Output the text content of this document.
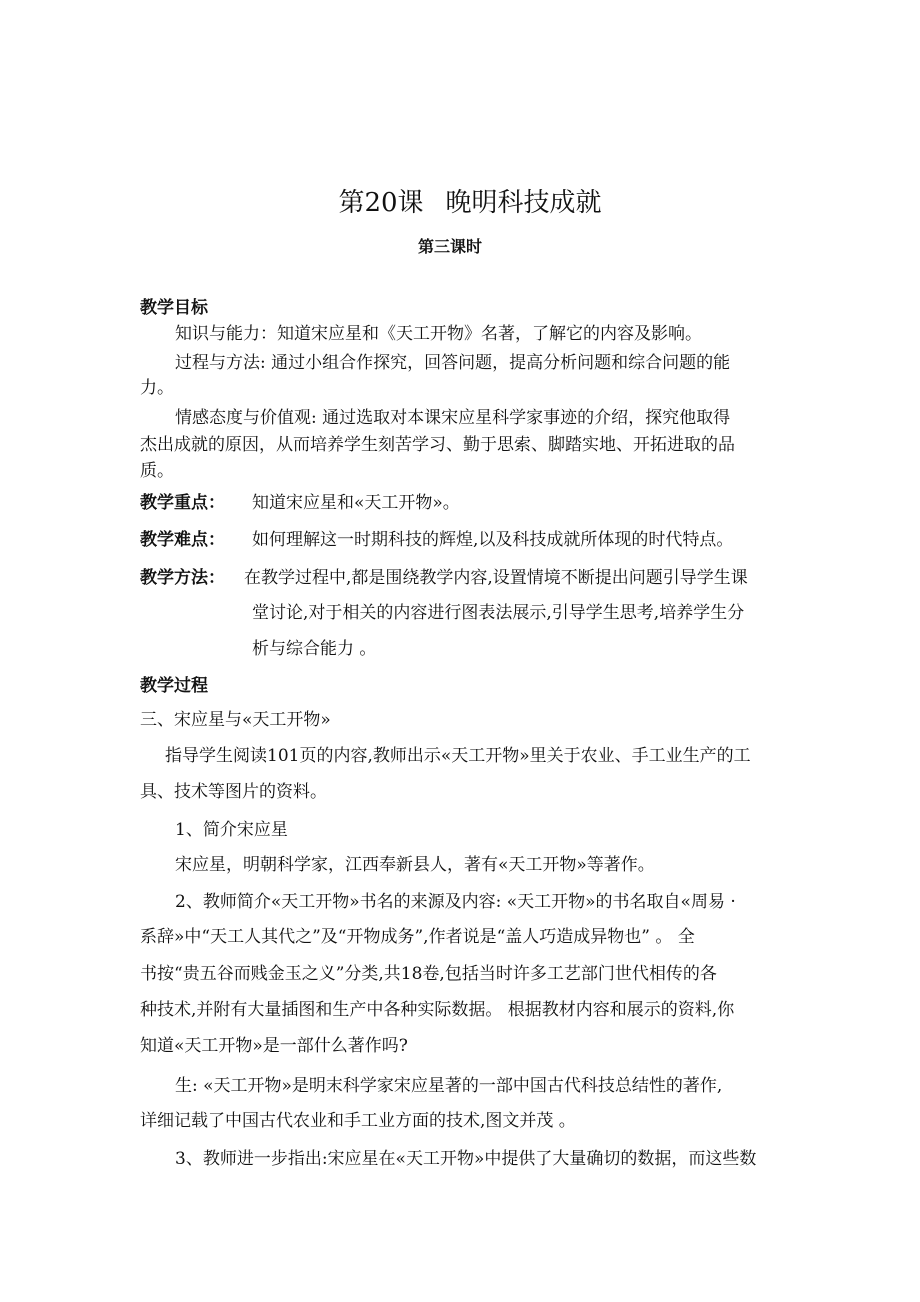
第20课 晚明科技成就
第三课时
教学目标
知识与能力：知道宋应星和《天工开物》名著，了解它的内容及影响。
过程与方法: 通过小组合作探究，回答问题，提高分析问题和综合问题的能
力。
情感态度与价值观: 通过选取对本课宋应星科学家事迹的介绍，探究他取得
杰出成就的原因，从而培养学生刻苦学习、勤于思索、脚踏实地、开拓进取的品
质。
教学重点： 知道宋应星和«天工开物»。
教学难点： 如何理解这一时期科技的辉煌,以及科技成就所体现的时代特点。
教学方法： 在教学过程中,都是围绕教学内容,设置情境不断提出问题引导学生课
堂讨论,对于相关的内容进行图表法展示,引导学生思考,培养学生分
析与综合能力 。
教学过程
三、宋应星与«天工开物»
指导学生阅读101页的内容,教师出示«天工开物»里关于农业、手工业生产的工
具、技术等图片的资料。
1、简介宋应星
宋应星，明朝科学家，江西奉新县人，著有«天工开物»等著作。
2、教师简介«天工开物»书名的来源及内容: «天工开物»的书名取自«周易 ·
系辞»中“天工人其代之”及“开物成务”,作者说是“盖人巧造成异物也” 。 全
书按“贵五谷而贱金玉之义”分类,共18卷,包括当时许多工艺部门世代相传的各
种技术,并附有大量插图和生产中各种实际数据。 根据教材内容和展示的资料,你
知道«天工开物»是一部什么著作吗?
生: «天工开物»是明末科学家宋应星著的一部中国古代科技总结性的著作,
详细记载了中国古代农业和手工业方面的技术,图文并茂 。
3、教师进一步指出:宋应星在«天工开物»中提供了大量确切的数据，而这些数
